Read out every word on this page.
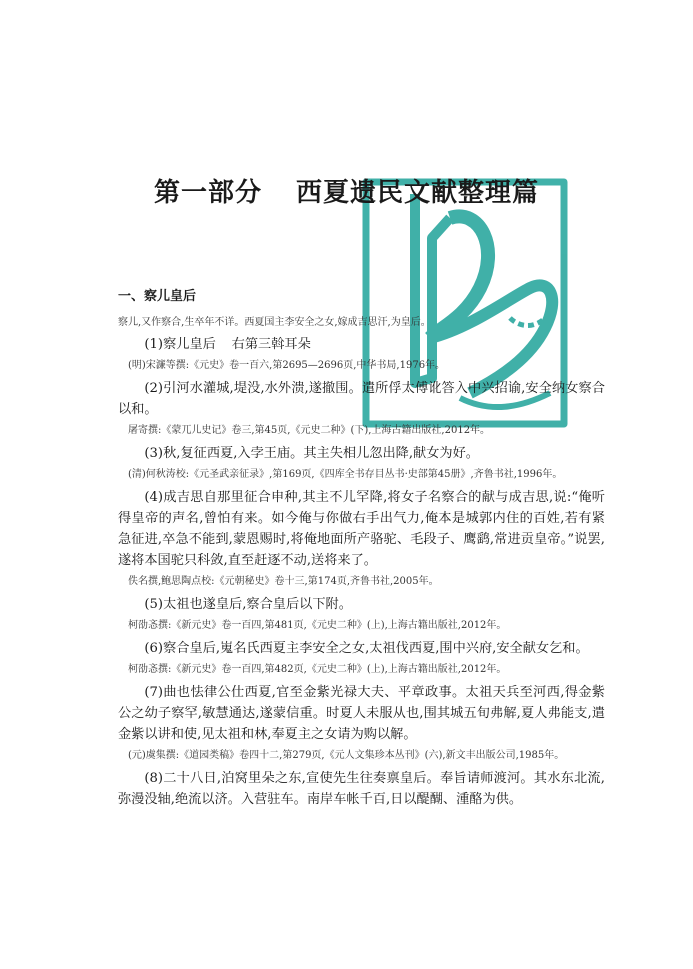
第一部分 西夏遗民文献整理篇
一、察儿皇后

察儿,又作察合,生卒年不详。西夏国主李安全之女,嫁成吉思汗,为皇后。

(1)察儿皇后 右第三斡耳朵

(明)宋濂等撰:《元史》卷一百六,第2695—2696页,中华书局,1976年。

(2)引河水灌城,堤没,水外溃,遂撤围。遣所俘太傅讹答入中兴招谕,安全纳女察合以和。

屠寄撰:《蒙兀儿史记》卷三,第45页,《元史二种》(下),上海古籍出版社,2012年。

(3)秋,复征西夏,入孛王庙。其主失相儿忽出降,献女为好。

(清)何秋涛校:《元圣武亲征录》,第169页,《四库全书存目丛书·史部第45册》,齐鲁书社,1996年。

(4)成吉思自那里征合申种,其主不儿罕降,将女子名察合的献与成吉思,说:“俺听得皇帝的声名,曾怕有来。如今俺与你做右手出气力,俺本是城郭内住的百姓,若有紧急征进,卒急不能到,蒙恩赐时,将俺地面所产骆驼、毛段子、鹰鹞,常进贡皇帝。”说罢,遂将本国驼只科敛,直至赶逐不动,送将来了。

佚名撰,鲍思陶点校:《元朝秘史》卷十三,第174页,齐鲁书社,2005年。

(5)太祖也遂皇后,察合皇后以下附。

柯劭忞撰:《新元史》卷一百四,第481页,《元史二种》(上),上海古籍出版社,2012年。

(6)察合皇后,嵬名氏西夏主李安全之女,太祖伐西夏,围中兴府,安全献女乞和。

柯劭忞撰:《新元史》卷一百四,第482页,《元史二种》(上),上海古籍出版社,2012年。

(7)曲也怯律公仕西夏,官至金紫光禄大夫、平章政事。太祖天兵至河西,得金紫公之幼子察罕,敏慧通达,遂蒙信重。时夏人未服从也,围其城五旬弗解,夏人弗能支,遣金紫以讲和使,见太祖和林,奉夏主之女请为购以解。

(元)虞集撰:《道园类稿》卷四十二,第279页,《元人文集珍本丛刊》(六),新文丰出版公司,1985年。

(8)二十八日,泊窝里朵之东,宣使先生往奏禀皇后。奉旨请师渡河。其水东北流,弥漫没轴,绝流以济。入营驻车。南岸车帐千百,日以醍醐、湩酪为供。
